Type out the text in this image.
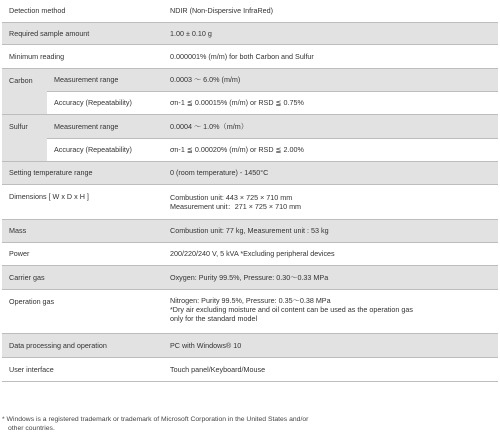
Detection method		NDIR (Non-Dispersive InfraRed)
Required sample amount		1.00 ± 0.10 g
Minimum reading		0.000001% (m/m) for both Carbon and Sulfur
Carbon	Measurement range	0.0003 ～ 6.0% (m/m)
	Accuracy (Repeatability)	σn-1 ≦ 0.00015% (m/m) or RSD ≦ 0.75%
Sulfur	Measurement range	0.0004 ～ 1.0%（m/m）
	Accuracy (Repeatability)	σn-1 ≦ 0.00020% (m/m) or RSD ≦ 2.00%
Setting temperature range		0 (room temperature) - 1450°C
Dimensions [ W x D x H ]		Combustion unit: 443 × 725 × 710 mm
Measurement unit：271 × 725 × 710 mm

Mass		Combustion unit: 77 kg, Measurement unit : 53 kg
Power		200/220/240 V, 5 kVA *Excluding peripheral devices
Carrier gas		Oxygen: Purity 99.5%, Pressure: 0.30～0.33 MPa
Operation gas		Nitrogen: Purity 99.5%, Pressure: 0.35～0.38 MPa
*Dry air excluding moisture and oil content can be used as the operation gas
only for the standard model

Data processing and operation		PC with Windows® 10
User interface		Touch panel/Keyboard/Mouse
* Windows is a registered trademark or trademark of Microsoft Corporation in the United States and/or
other countries.
